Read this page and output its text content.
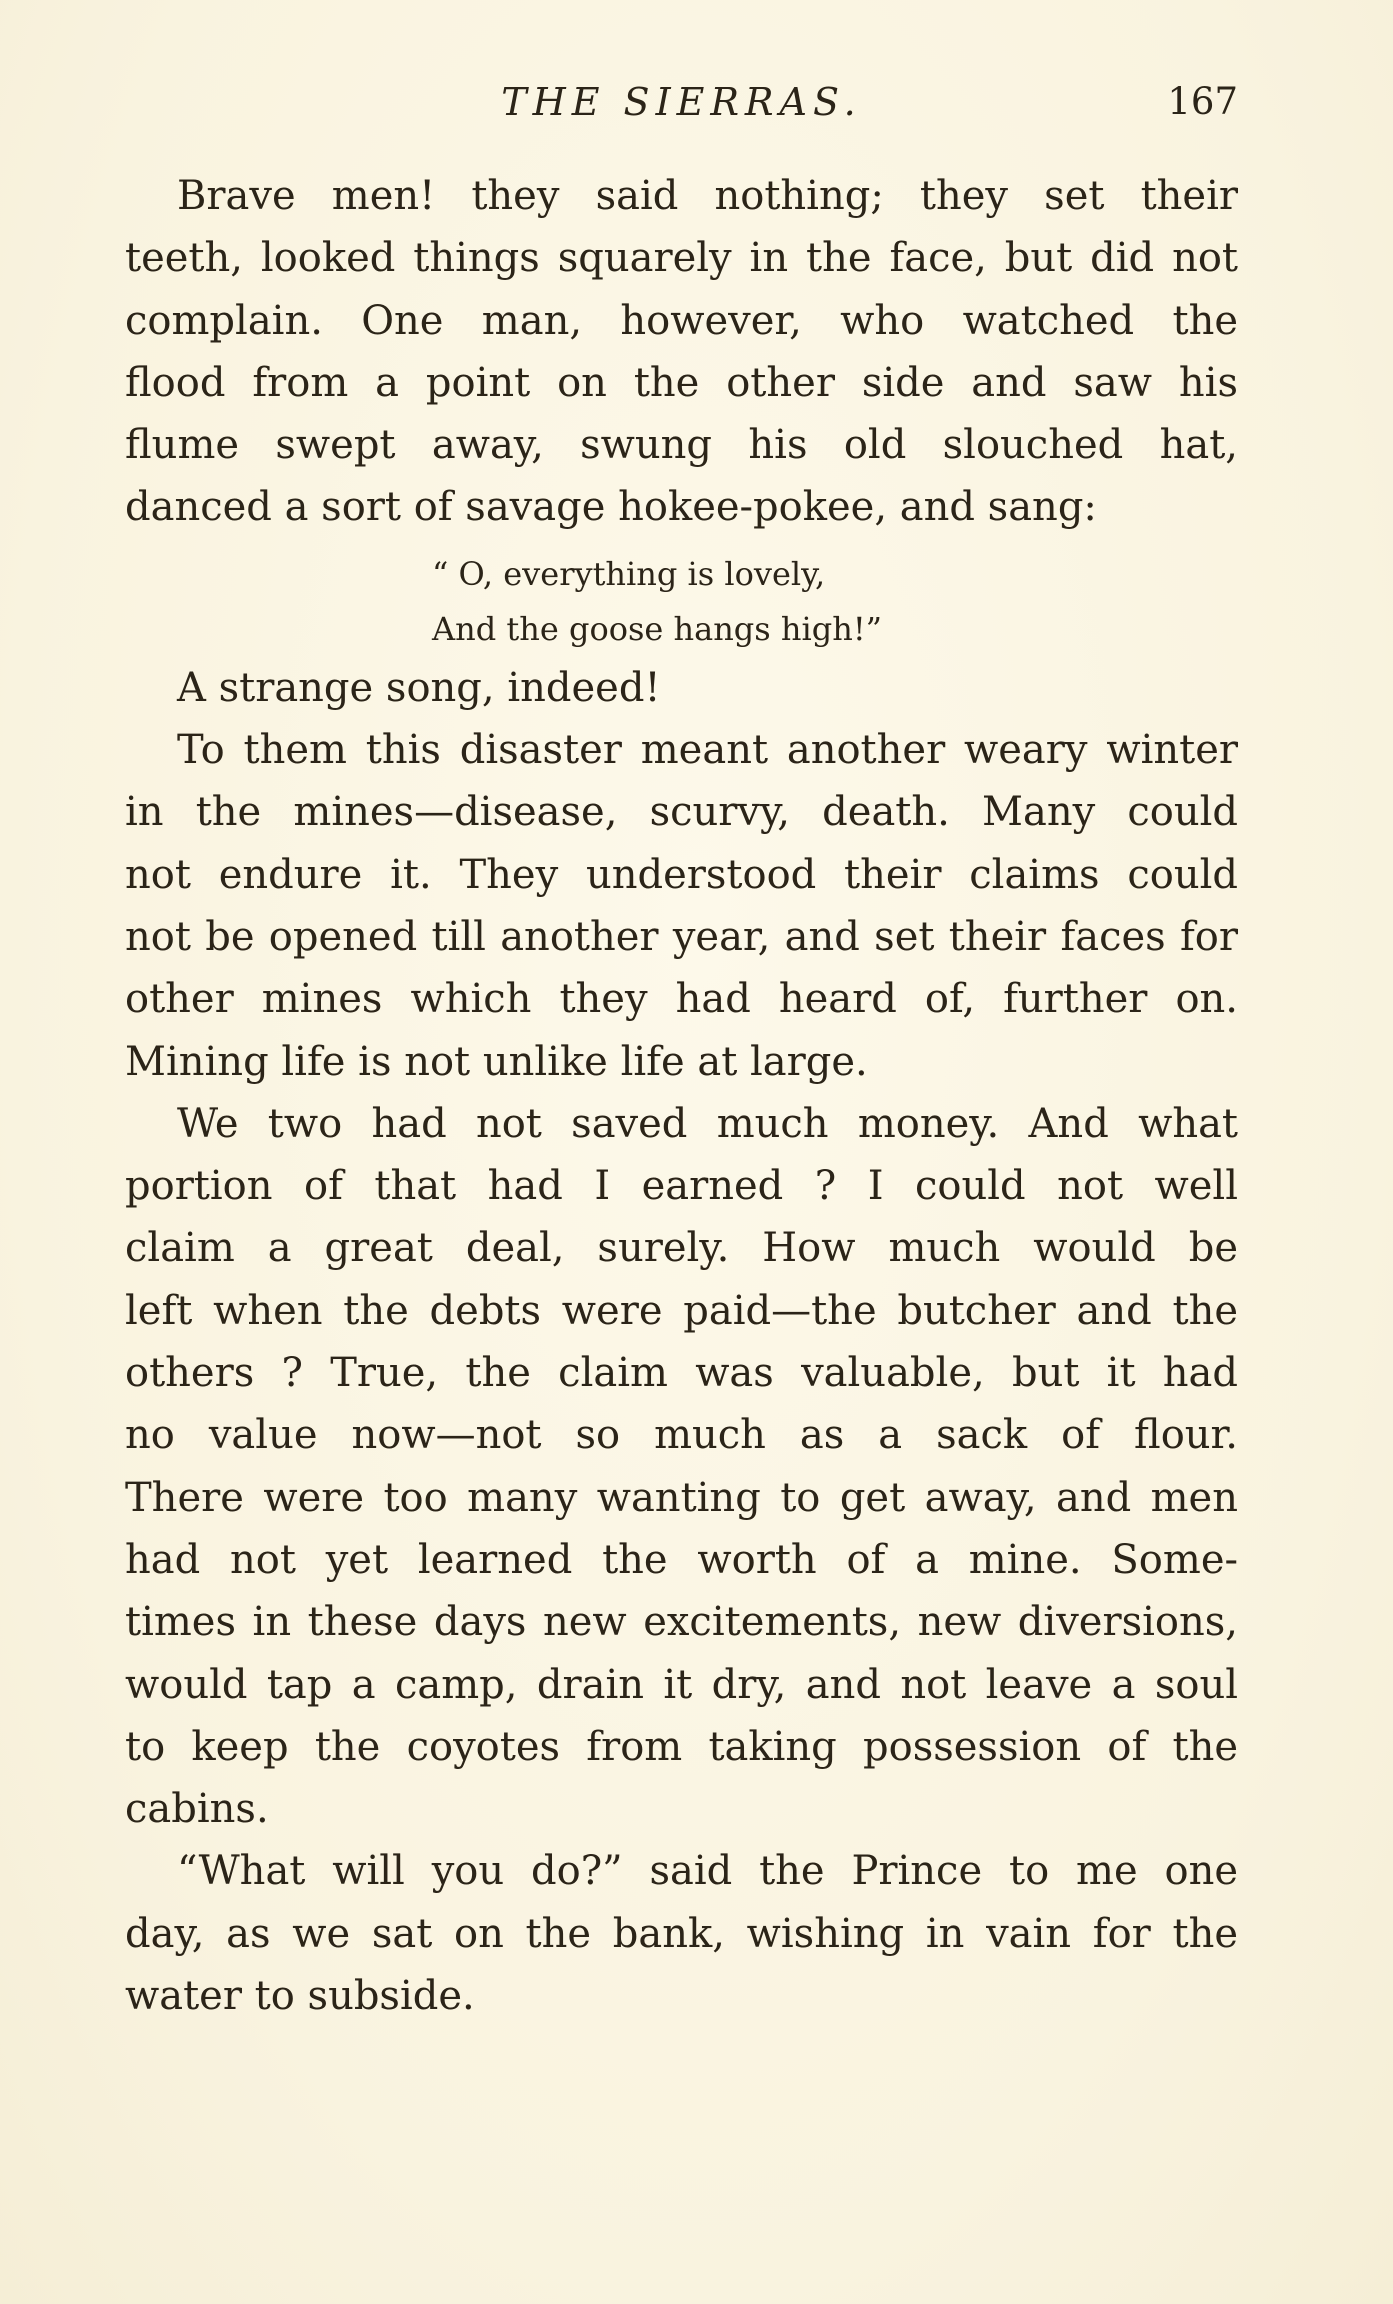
THE SIERRAS.	167

Brave men! they said nothing; they set their
teeth, looked things squarely in the face, but did not
complain. One man, however, who watched the
flood from a point on the other side and saw his
flume swept away, swung his old slouched hat,
danced a sort of savage hokee-pokee, and sang:

A strange song, indeed!

To them this disaster meant another weary winter
in the mines—disease, scurvy, death. Many could
not endure it. They understood their claims could
not be opened till another year, and set their faces for
other mines which they had heard of, further on.
Mining life is not unlike life at large.

We two had not saved much money. And what
portion of that had I earned ? I could not well
claim a great deal, surely. How much would be
left when the debts were paid—the butcher and the
others ? True, the claim was valuable, but it had
no value now—not so much as a sack of flour.
There were too many wanting to get away, and men
had not yet learned the worth of a mine. Some-
times in these days new excitements, new diversions,
would tap a camp, drain it dry, and not leave a soul
to keep the coyotes from taking possession of the
cabins.

“What will you do?” said the Prince to me one
day, as we sat on the bank, wishing in vain for the
water to subside.

“ O, everything is lovely,
And the goose hangs high!”
